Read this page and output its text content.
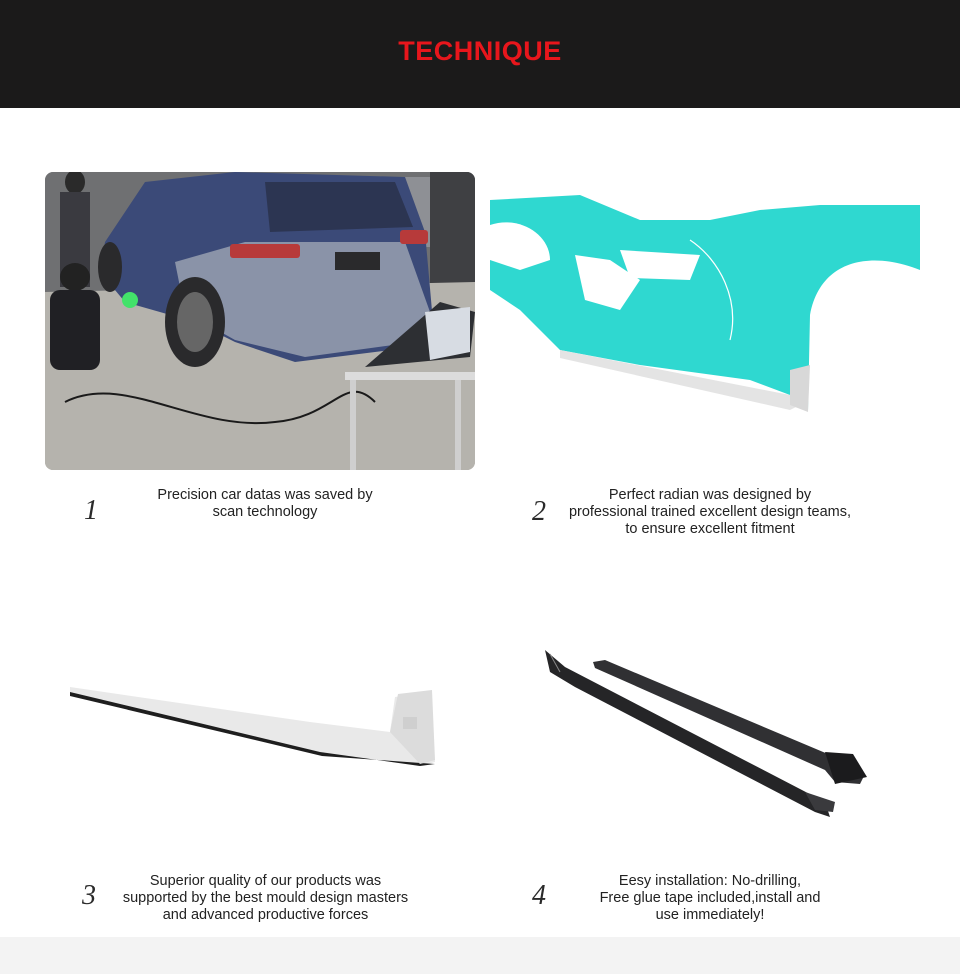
TECHNIQUE
1	2
3	4
Precision car datas was saved by
scan technology
Perfect radian was designed by
professional trained excellent design teams,
to ensure excellent fitment
Superior quality of our products was
supported by the best mould design masters
and advanced productive forces
Eesy installation: No-drilling,
Free glue tape included,install and
use immediately!
